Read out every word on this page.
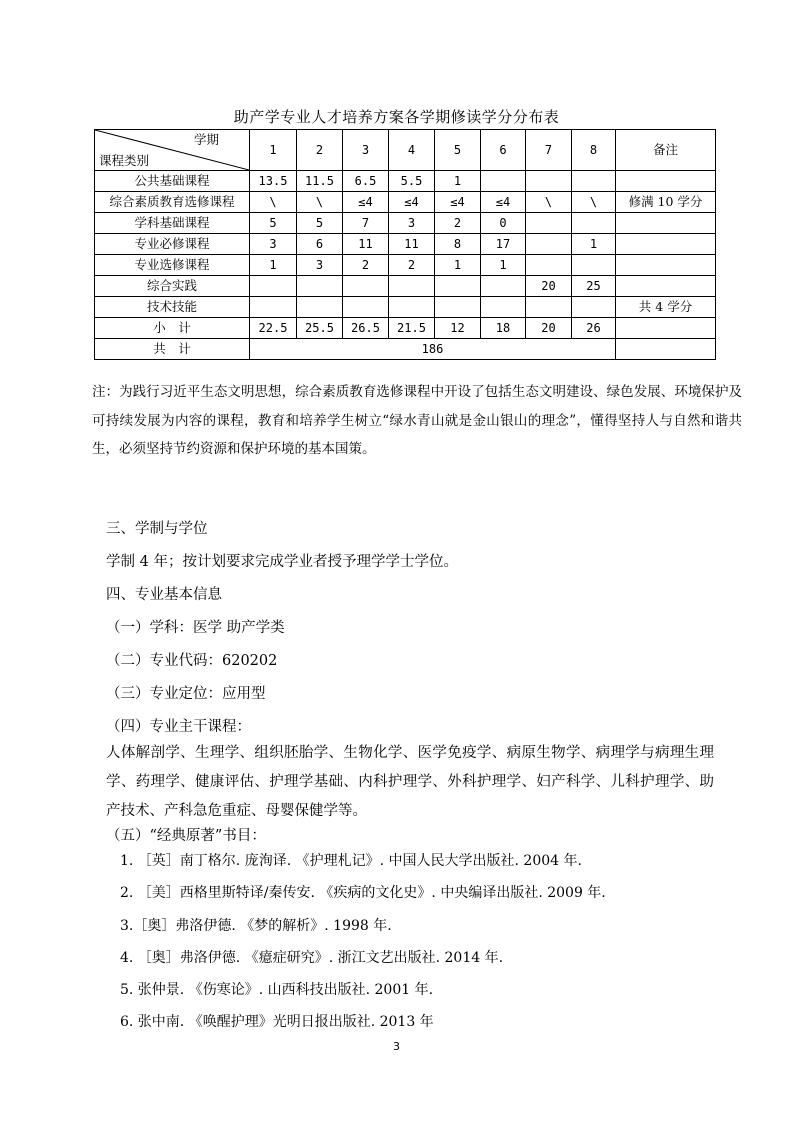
助产学专业人才培养方案各学期修读学分分布表
学期
课程类别	1	2	3	4	5	6	7	8	备注
公共基础课程	13.5	11.5	6.5	5.5	1				
综合素质教育选修课程	\	\	≤4	≤4	≤4	≤4	\	\	修满 10 学分
学科基础课程	5	5	7	3	2	0			
专业必修课程	3	6	11	11	8	17		1	
专业选修课程	1	3	2	2	1	1			
综合实践							20	25	
技术技能									共 4 学分
小　计	22.5	25.5	26.5	21.5	12	18	20	26	
共　计	186								
注：为践行习近平生态文明思想，综合素质教育选修课程中开设了包括生态文明建设、绿色发展、环境保护及可持续发展为内容的课程，教育和培养学生树立“绿水青山就是金山银山的理念”，懂得坚持人与自然和谐共生，必须坚持节约资源和保护环境的基本国策。
三、学制与学位
学制 4 年；按计划要求完成学业者授予理学学士学位。
四、专业基本信息
（一）学科：医学 助产学类
（二）专业代码：620202
（三）专业定位：应用型
（四）专业主干课程：
人体解剖学、生理学、组织胚胎学、生物化学、医学免疫学、病原生物学、病理学与病理生理学、药理学、健康评估、护理学基础、内科护理学、外科护理学、妇产科学、儿科护理学、助产技术、产科急危重症、母婴保健学等。
（五）“经典原著”书目：
1. ［英］南丁格尔. 庞洵译. 《护理札记》. 中国人民大学出版社. 2004 年.
2. ［美］西格里斯特译/秦传安. 《疾病的文化史》. 中央编译出版社. 2009 年.
3.［奥］弗洛伊德. 《梦的解析》. 1998 年.
4. ［奥］弗洛伊德. 《癔症研究》. 浙江文艺出版社. 2014 年.
5. 张仲景. 《伤寒论》. 山西科技出版社. 2001 年.
6. 张中南. 《唤醒护理》光明日报出版社. 2013 年
3
